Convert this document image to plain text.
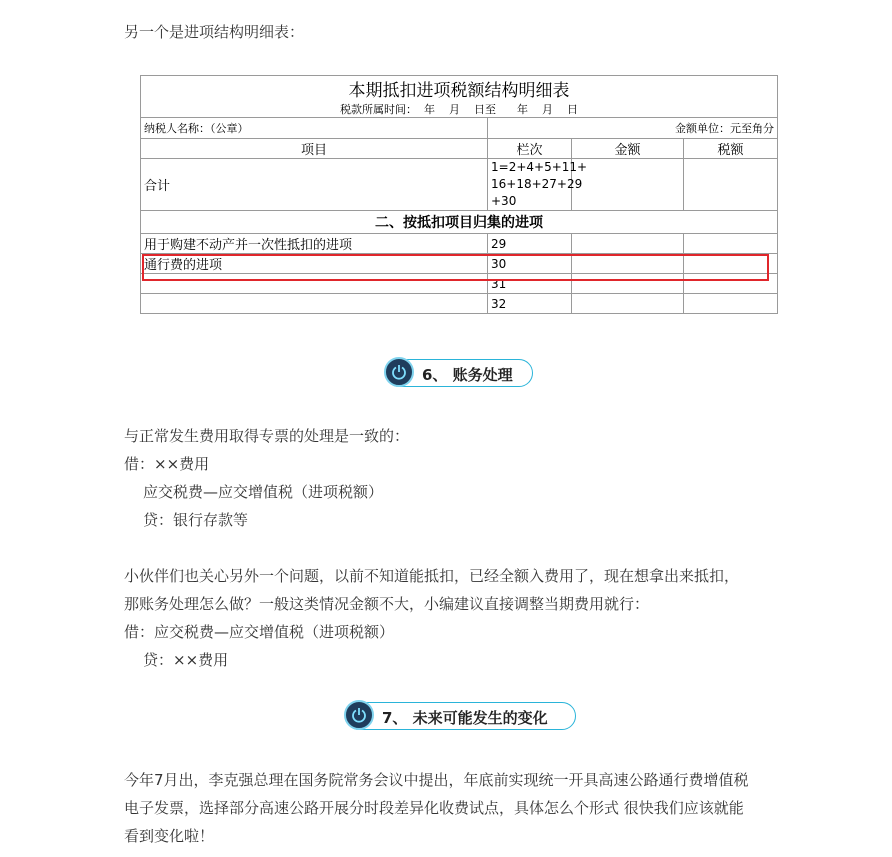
另一个是进项结构明细表：
本期抵扣进项税额结构明细表			
税款所属时间：  年    月    日至      年    月    日			
纳税人名称：（公章）	金额单位：元至角分		
项目	栏次	金额	税额
合计	1=2+4+5+11+
16+18+27+29
+30		

二、按抵扣项目归集的进项			
用于购建不动产并一次性抵扣的进项	29		
通行费的进项	30		
	31		
	32		
6、 账务处理
与正常发生费用取得专票的处理是一致的：
借：××费用
应交税费—应交增值税（进项税额）
贷：银行存款等
小伙伴们也关心另外一个问题，以前不知道能抵扣，已经全额入费用了，现在想拿出来抵扣，
那账务处理怎么做？一般这类情况金额不大，小编建议直接调整当期费用就行：
借：应交税费—应交增值税（进项税额）
贷：××费用
7、 未来可能发生的变化
今年7月出，李克强总理在国务院常务会议中提出，年底前实现统一开具高速公路通行费增值税
电子发票，选择部分高速公路开展分时段差异化收费试点，具体怎么个形式 很快我们应该就能
看到变化啦！
